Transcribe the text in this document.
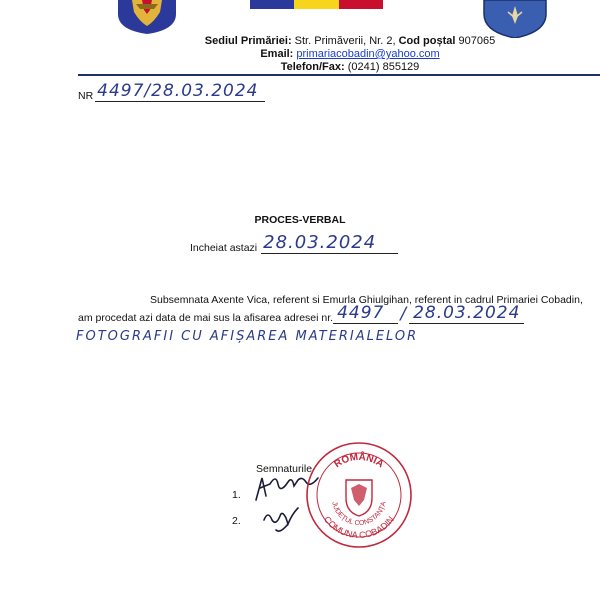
Sediul Primăriei: Str. Primăverii, Nr. 2, Cod poștal 907065
Email: primariacobadin@yahoo.com
Telefon/Fax: (0241) 855129
NR 4497/28.03.2024
PROCES-VERBAL
Incheiat astazi 28.03.2024
Subsemnata Axente Vica, referent si Emurla Ghiulgihan, referent in cadrul Primariei Cobadin,
am procedat azi data de mai sus la afisarea adresei nr. 4497 / 28.03.2024
FOTOGRAFII CU AFIȘAREA MATERIALELOR
Semnaturile
1.
2.
ROMÂNIA
JUDEȚUL CONSTANȚA
COMUNA COBADIN
